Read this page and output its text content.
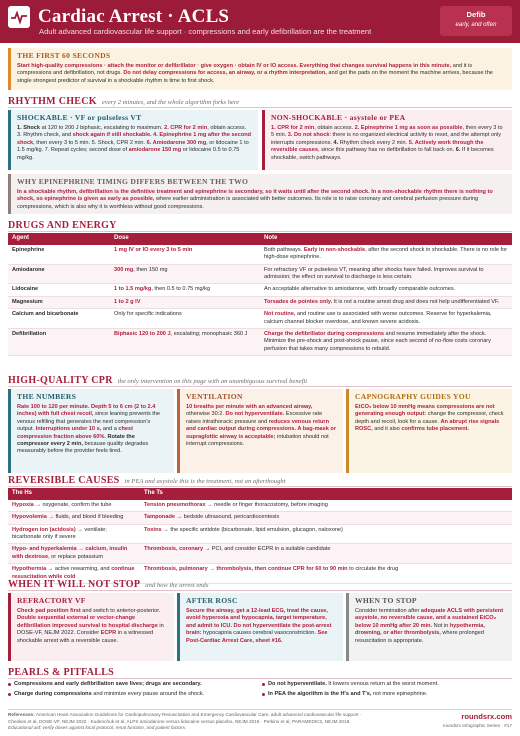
Cardiac Arrest · ACLS
Adult advanced cardiovascular life support · compressions and early defibrillation are the treatment
Defib
early, and often
THE FIRST 60 SECONDS
Start high-quality compressions · attach the monitor or defibrillator · give oxygen · obtain IV or IO access. Everything that changes survival happens in this minute, and it is compressions and defibrillation, not drugs. Do not delay compressions for access, an airway, or a rhythm interpretation, and get the pads on the moment the machine arrives, because the single strongest predictor of survival in a shockable rhythm is time to first shock.
RHYTHM CHECK every 2 minutes, and the whole algorithm forks here
SHOCKABLE · VF or pulseless VT
1. Shock at 120 to 200 J biphasic, escalating to maximum. 2. CPR for 2 min, obtain access. 3. Rhythm check, and shock again if still shockable. 4. Epinephrine 1 mg after the second shock, then every 3 to 5 min. 5. Shock, CPR 2 min. 6. Amiodarone 300 mg, or lidocaine 1 to 1.5 mg/kg. 7. Repeat cycles; second dose of amiodarone 150 mg or lidocaine 0.5 to 0.75 mg/kg.
NON-SHOCKABLE · asystole or PEA
1. CPR for 2 min, obtain access. 2. Epinephrine 1 mg as soon as possible, then every 3 to 5 min. 3. Do not shock: there is no organized electrical activity to reset, and the attempt only interrupts compressions. 4. Rhythm check every 2 min. 5. Actively work through the reversible causes, since this pathway has no defibrillation to fall back on. 6. If it becomes shockable, switch pathways.
WHY EPINEPHRINE TIMING DIFFERS BETWEEN THE TWO
In a shockable rhythm, defibrillation is the definitive treatment and epinephrine is secondary, so it waits until after the second shock. In a non-shockable rhythm there is nothing to shock, so epinephrine is given as early as possible, where earlier administration is associated with better outcomes. Its role is to raise coronary and cerebral perfusion pressure during compressions, which is also why it is worthless without good compressions.
DRUGS AND ENERGY
Agent	Dose	Note
Epinephrine	1 mg IV or IO every 3 to 5 min	Both pathways. Early in non-shockable, after the second shock in shockable. There is no role for high-dose epinephrine.
Amiodarone	300 mg, then 150 mg	For refractory VF or pulseless VT, meaning after shocks have failed. Improves survival to admission; the effect on survival to discharge is less certain.
Lidocaine	1 to 1.5 mg/kg, then 0.5 to 0.75 mg/kg	An acceptable alternative to amiodarone, with broadly comparable outcomes.
Magnesium	1 to 2 g IV	Torsades de pointes only. It is not a routine arrest drug and does not help undifferentiated VF.
Calcium and bicarbonate	Only for specific indications	Not routine, and routine use is associated with worse outcomes. Reserve for hyperkalemia, calcium channel blocker overdose, and known severe acidosis.
Defibrillation	Biphasic 120 to 200 J, escalating; monophasic 360 J	Charge the defibrillator during compressions and resume immediately after the shock. Minimize the pre-shock and post-shock pause, since each second of no-flow costs coronary perfusion that takes many compressions to rebuild.
HIGH-QUALITY CPR the only intervention on this page with an unambiguous survival benefit
THE NUMBERS
Rate 100 to 120 per minute. Depth 5 to 6 cm (2 to 2.4 inches) with full chest recoil, since leaning prevents the venous refilling that generates the next compression's output. Interruptions under 10 s, and a chest compression fraction above 60%. Rotate the compressor every 2 min, because quality degrades measurably before the provider feels tired.
VENTILATION
10 breaths per minute with an advanced airway, otherwise 30:2. Do not hyperventilate. Excessive rate raises intrathoracic pressure and reduces venous return and cardiac output during compressions. A bag-mask or supraglottic airway is acceptable; intubation should not interrupt compressions.
CAPNOGRAPHY GUIDES YOU
EtCO₂ below 10 mmHg means compressions are not generating enough output: change the compressor, check depth and recoil, look for a cause. An abrupt rise signals ROSC, and it also confirms tube placement.
REVERSIBLE CAUSES in PEA and asystole this is the treatment, not an afterthought
The Hs	The Ts
Hypoxia → oxygenate, confirm the tube	Tension pneumothorax → needle or finger thoracostomy, before imaging
Hypovolemia → fluids, and blood if bleeding	Tamponade → bedside ultrasound, pericardiocentesis
Hydrogen ion (acidosis) → ventilate; bicarbonate only if severe	Toxins → the specific antidote (bicarbonate, lipid emulsion, glucagon, naloxone)
Hypo- and hyperkalemia → calcium, insulin with dextrose, or replace potassium	Thrombosis, coronary → PCI, and consider ECPR in a suitable candidate
Hypothermia → active rewarming, and continue resuscitation while cold	Thrombosis, pulmonary → thrombolysis, then continue CPR for 60 to 90 min to circulate the drug
WHEN IT WILL NOT STOP and how the arrest ends
REFRACTORY VF
Check pad position first and switch to anterior-posterior. Double sequential external or vector-change defibrillation improved survival to hospital discharge in DOSE-VF, NEJM 2022. Consider ECPR in a witnessed shockable arrest with a reversible cause.
AFTER ROSC
Secure the airway, get a 12-lead ECG, treat the cause, avoid hyperoxia and hypocapnia, target temperature, and admit to ICU. Do not hyperventilate the post-arrest brain: hypocapnia causes cerebral vasoconstriction. See Post-Cardiac Arrest Care, sheet #16.
WHEN TO STOP
Consider termination after adequate ACLS with persistent asystole, no reversible cause, and a sustained EtCO₂ below 10 mmHg after 20 min. Not in hypothermia, drowning, or after thrombolysis, where prolonged resuscitation is appropriate.
PEARLS & PITFALLS
Compressions and early defibrillation save lives; drugs are secondary.
Charge during compressions and minimize every pause around the shock.
Do not hyperventilate. It lowers venous return at the worst moment.
In PEA the algorithm is the H's and T's, not more epinephrine.
References: American Heart Association Guidelines for Cardiopulmonary Resuscitation and Emergency Cardiovascular Care, adult advanced cardiovascular life support ·
Cheskes et al, DOSE-VF, NEJM 2022 · Kudenchuk et al, ALPS amiodarone versus lidocaine versus placebo, NEJM 2016 · Perkins et al, PARAMEDIC2, NEJM 2018.
Educational aid: verify doses against local protocol, renal function, and patient factors.
roundsrx.com
roundsrx Infographic Series · #17
